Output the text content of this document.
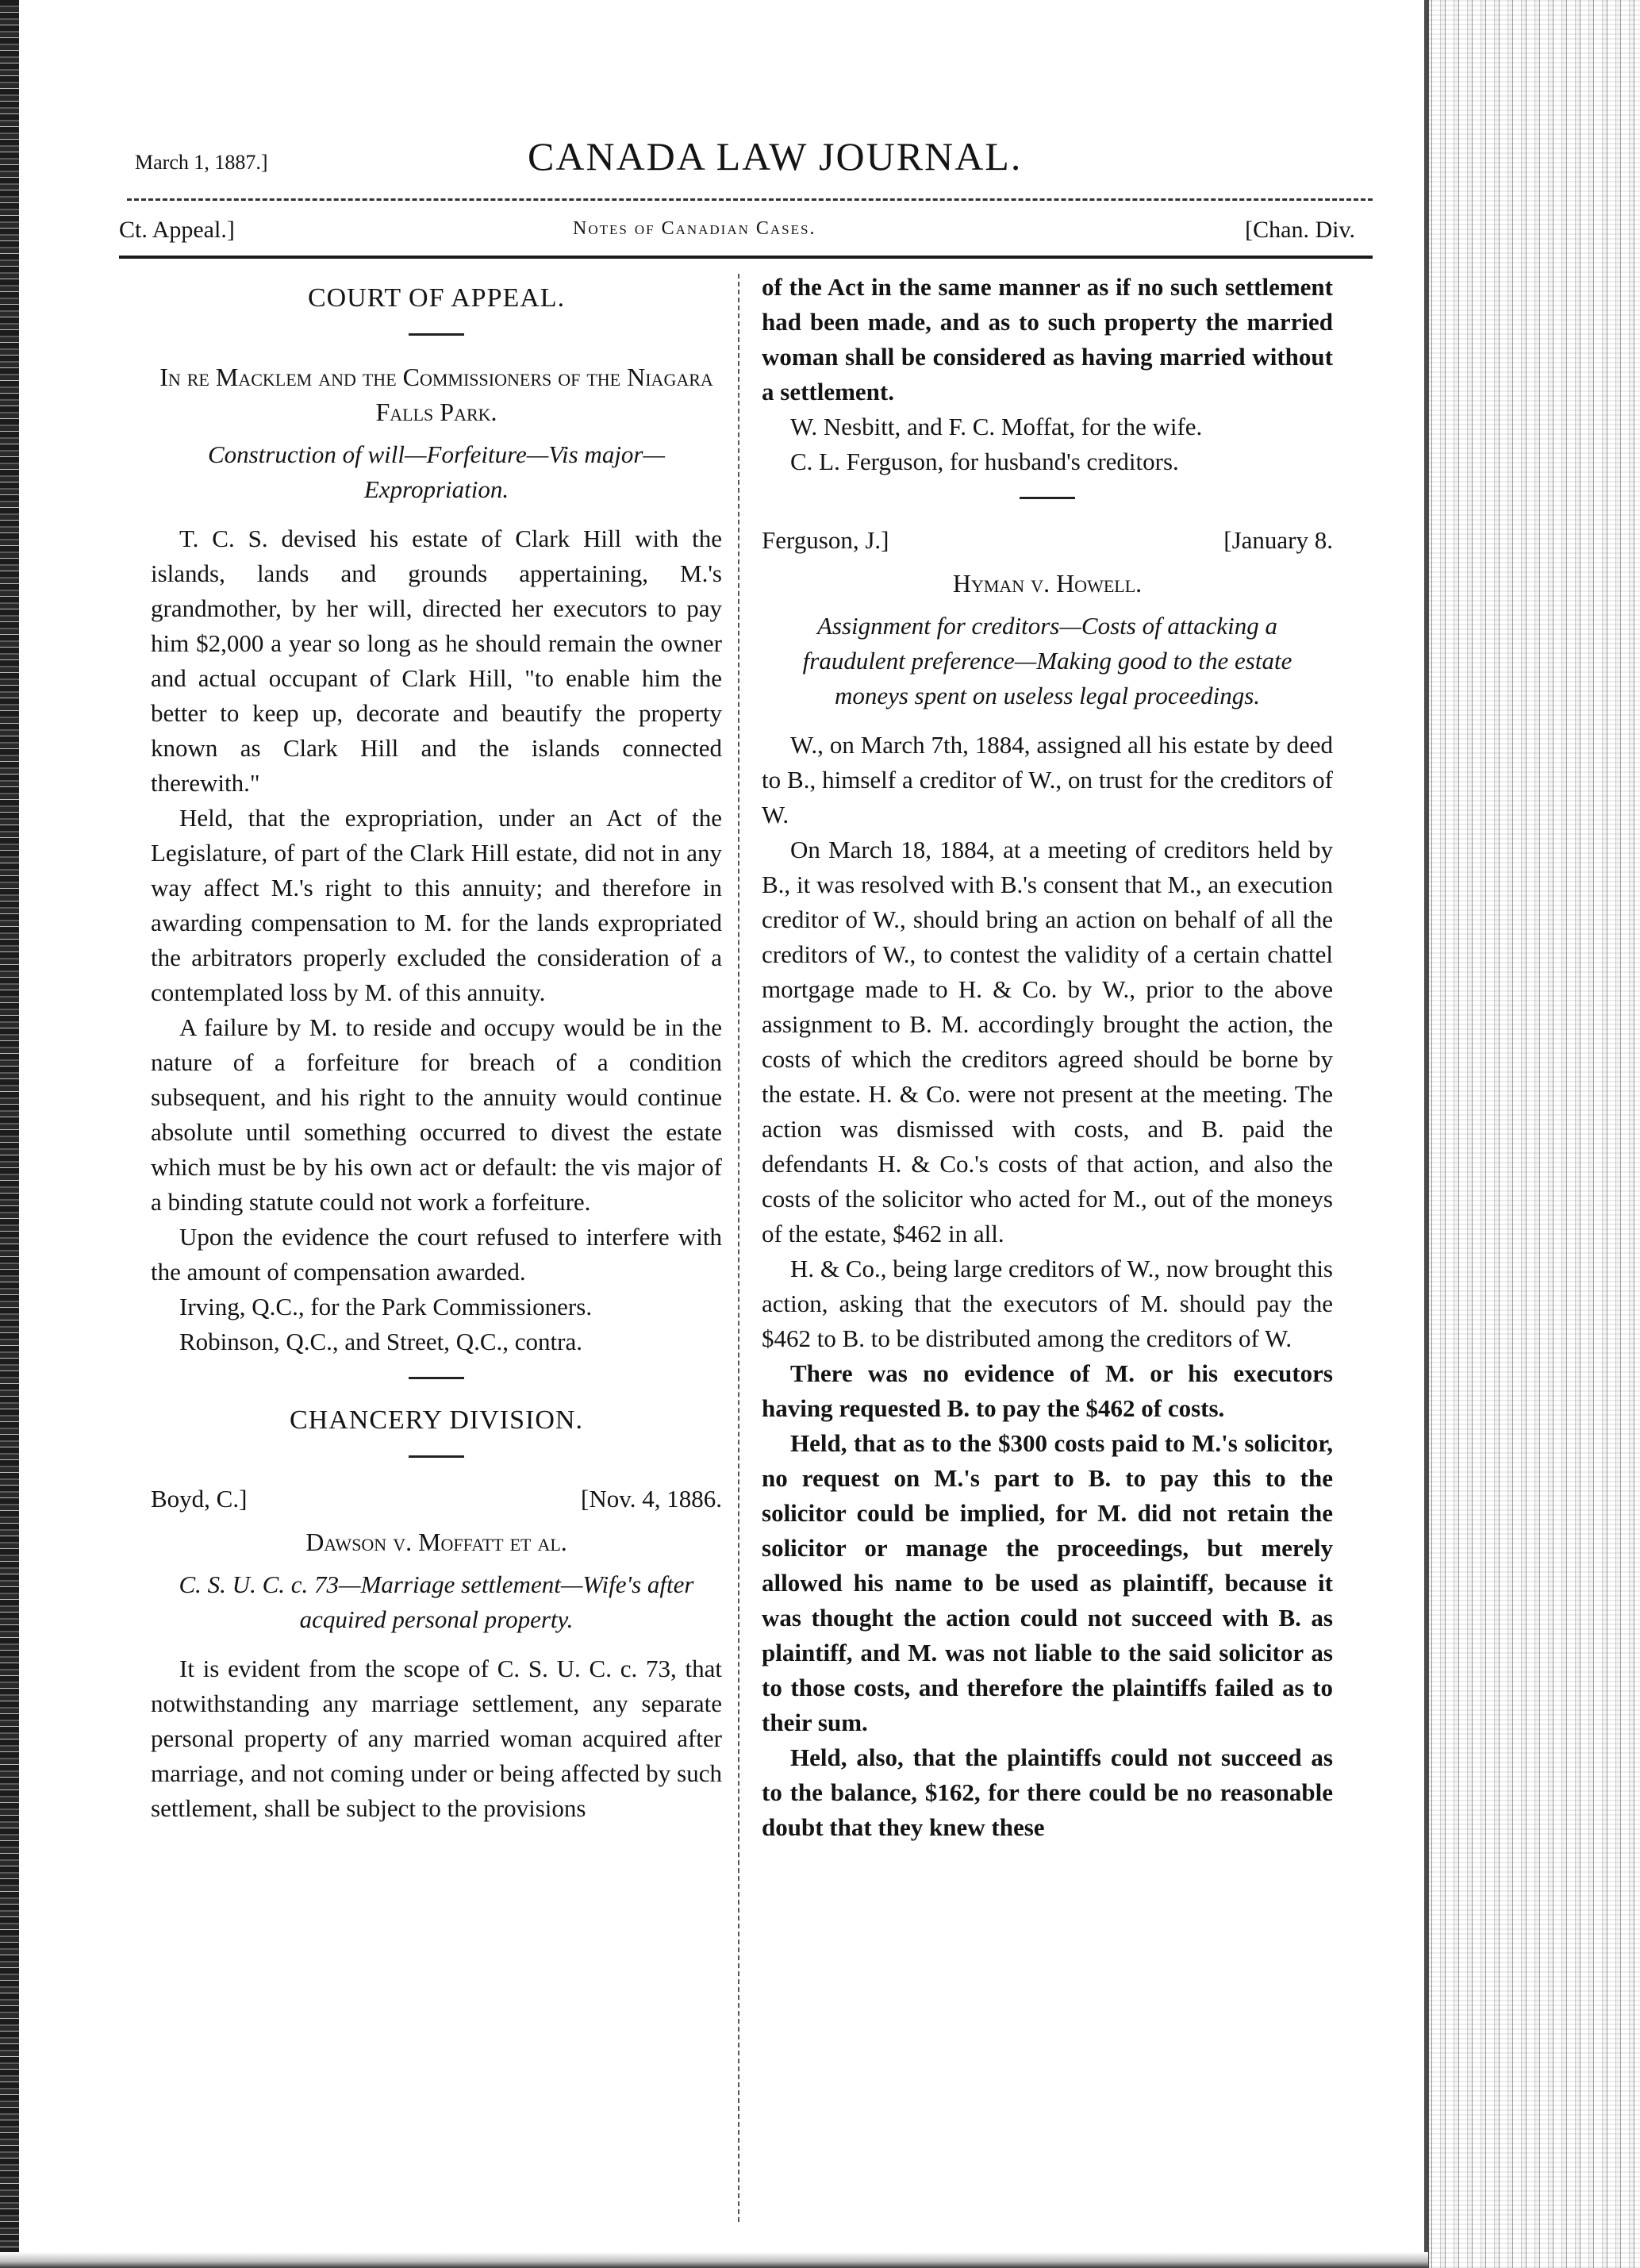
March 1, 1887.]	CANADA LAW JOURNAL.
Ct. Appeal.]	Notes of Canadian Cases.	[Chan. Div.
COURT OF APPEAL.
In re Macklem and the Commissioners of the Niagara Falls Park.
Construction of will—Forfeiture—Vis major—Expropriation.

T. C. S. devised his estate of Clark Hill with the islands, lands and grounds appertaining, M.'s grandmother, by her will, directed her executors to pay him $2,000 a year so long as he should remain the owner and actual occupant of Clark Hill, "to enable him the better to keep up, decorate and beautify the property known as Clark Hill and the islands connected therewith."

Held, that the expropriation, under an Act of the Legislature, of part of the Clark Hill estate, did not in any way affect M.'s right to this annuity; and therefore in awarding compensation to M. for the lands expropriated the arbitrators properly excluded the consideration of a contemplated loss by M. of this annuity.

A failure by M. to reside and occupy would be in the nature of a forfeiture for breach of a condition subsequent, and his right to the annuity would continue absolute until something occurred to divest the estate which must be by his own act or default: the vis major of a binding statute could not work a forfeiture.

Upon the evidence the court refused to interfere with the amount of compensation awarded.

Irving, Q.C., for the Park Commissioners.

Robinson, Q.C., and Street, Q.C., contra.

CHANCERY DIVISION.
Boyd, C.]	[Nov. 4, 1886.
Dawson v. Moffatt et al.
C. S. U. C. c. 73—Marriage settlement—Wife's after acquired personal property.

It is evident from the scope of C. S. U. C. c. 73, that notwithstanding any marriage settlement, any separate personal property of any married woman acquired after marriage, and not coming under or being affected by such settlement, shall be subject to the provisions

of the Act in the same manner as if no such settlement had been made, and as to such property the married woman shall be considered as having married without a settlement.

W. Nesbitt, and F. C. Moffat, for the wife.

C. L. Ferguson, for husband's creditors.

Ferguson, J.]	[January 8.
Hyman v. Howell.
Assignment for creditors—Costs of attacking a fraudulent preference—Making good to the estate moneys spent on useless legal proceedings.

W., on March 7th, 1884, assigned all his estate by deed to B., himself a creditor of W., on trust for the creditors of W.

On March 18, 1884, at a meeting of creditors held by B., it was resolved with B.'s consent that M., an execution creditor of W., should bring an action on behalf of all the creditors of W., to contest the validity of a certain chattel mortgage made to H. & Co. by W., prior to the above assignment to B. M. accordingly brought the action, the costs of which the creditors agreed should be borne by the estate. H. & Co. were not present at the meeting. The action was dismissed with costs, and B. paid the defendants H. & Co.'s costs of that action, and also the costs of the solicitor who acted for M., out of the moneys of the estate, $462 in all.

H. & Co., being large creditors of W., now brought this action, asking that the executors of M. should pay the $462 to B. to be distributed among the creditors of W.

There was no evidence of M. or his executors having requested B. to pay the $462 of costs.

Held, that as to the $300 costs paid to M.'s solicitor, no request on M.'s part to B. to pay this to the solicitor could be implied, for M. did not retain the solicitor or manage the proceedings, but merely allowed his name to be used as plaintiff, because it was thought the action could not succeed with B. as plaintiff, and M. was not liable to the said solicitor as to those costs, and therefore the plaintiffs failed as to their sum.

Held, also, that the plaintiffs could not succeed as to the balance, $162, for there could be no reasonable doubt that they knew these
